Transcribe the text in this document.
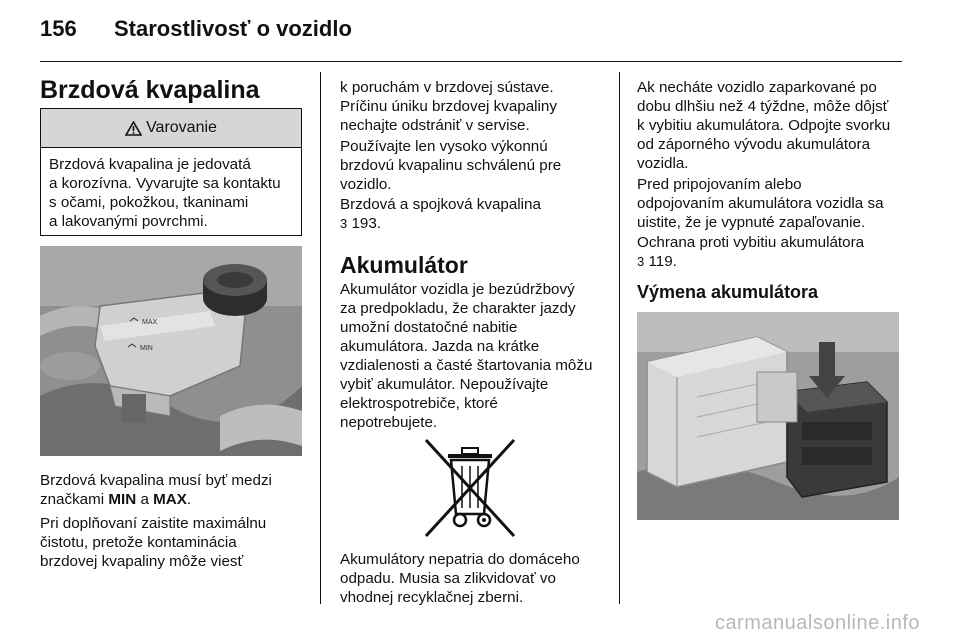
156 Starostlivosť o vozidlo
Brzdová kvapalina
Varovanie
Brzdová kvapalina je jedovatá
a korozívna. Vyvarujte sa kontaktu
s očami, pokožkou, tkaninami
a lakovanými povrchmi.
MAX
MIN
Brzdová kvapalina musí byť medzi
značkami MIN a MAX.
Pri doplňovaní zaistite maximálnu
čistotu, pretože kontaminácia
brzdovej kvapaliny môže viesť
k poruchám v brzdovej sústave.
Príčinu úniku brzdovej kvapaliny
nechajte odstrániť v servise.
Používajte len vysoko výkonnú
brzdovú kvapalinu schválenú pre
vozidlo.
Brzdová a spojková kvapalina
3 193.
Akumulátor
Akumulátor vozidla je bezúdržbový
za predpokladu, že charakter jazdy
umožní dostatočné nabitie
akumulátora. Jazda na krátke
vzdialenosti a časté štartovania môžu
vybiť akumulátor. Nepoužívajte
elektrospotrebiče, ktoré
nepotrebujete.
Akumulátory nepatria do domáceho
odpadu. Musia sa zlikvidovať vo
vhodnej recyklačnej zberni.
Ak necháte vozidlo zaparkované po
dobu dlhšiu než 4 týždne, môže dôjsť
k vybitiu akumulátora. Odpojte svorku
od záporného vývodu akumulátora
vozidla.
Pred pripojovaním alebo
odpojovaním akumulátora vozidla sa
uistite, že je vypnuté zapaľovanie.
Ochrana proti vybitiu akumulátora
3 119.
Výmena akumulátora
carmanualsonline.info
